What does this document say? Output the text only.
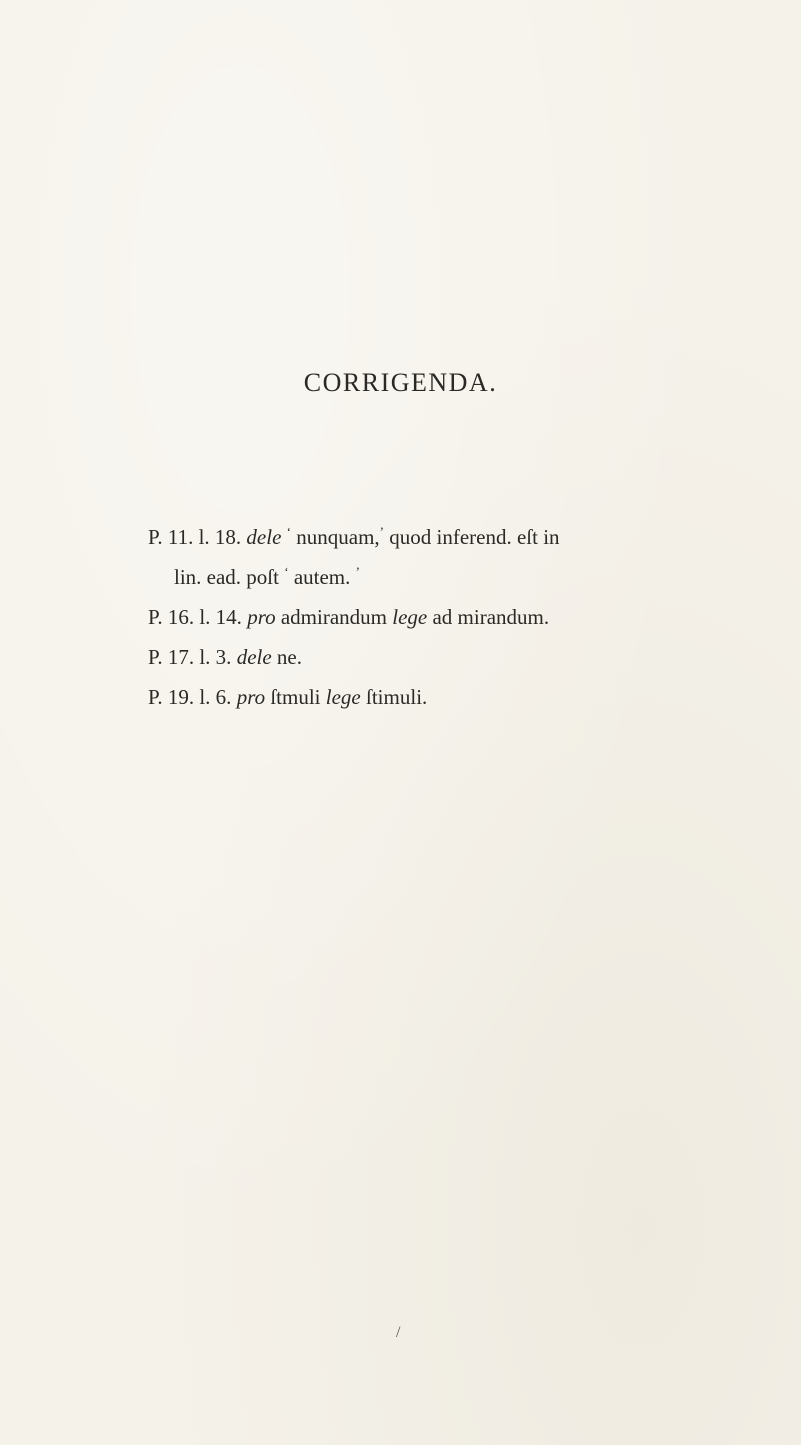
CORRIGENDA.
P. 11. l. 18. dele ‘ nunquam,’ quod inferend. eſt in
lin. ead. poſt ‘ autem. ’
P. 16. l. 14. pro admirandum lege ad mirandum.
P. 17. l. 3. dele ne.
P. 19. l. 6. pro ſtmuli lege ſtimuli.
/
